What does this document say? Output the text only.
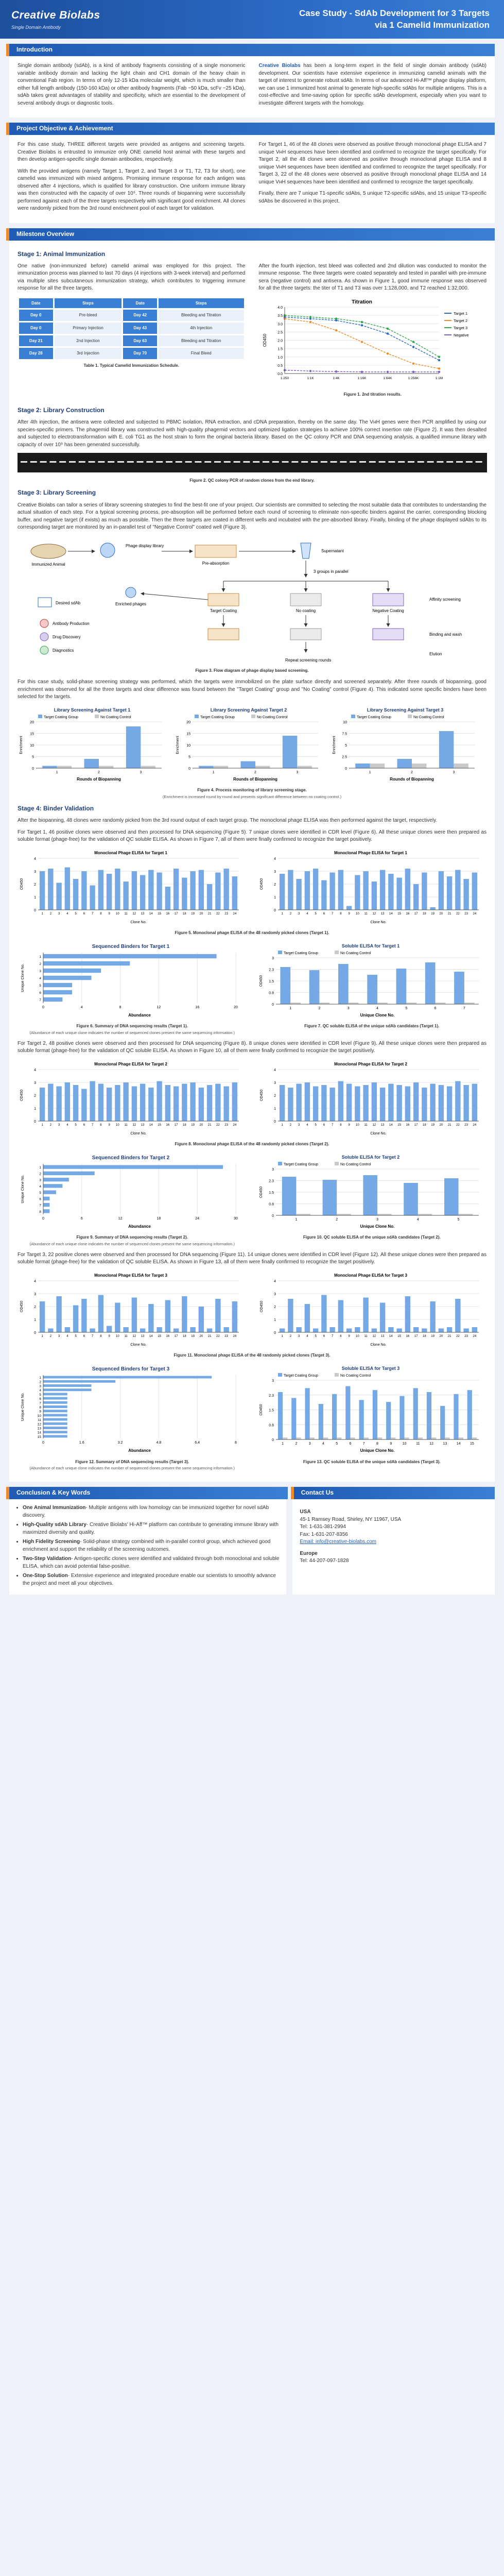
Creative Biolabs
Single Domain Antibody
Case Study - SdAb Development for 3 Targets
via 1 Camelid Immunization
Introduction

Single domain antibody (sdAb), is a kind of antibody fragments consisting of a single monomeric variable antibody domain and lacking the light chain and CH1 domain of the heavy chain in conventional Fab region. In terms of only 12-15 kDa molecular weight, which is much smaller than either full length antibody (150-160 kDa) or other antibody fragments (Fab ~50 kDa, scFv ~25 kDa), sdAb takes great advantages of stability and specificity, which are essential to the development of several antibody drugs or diagnostic tools.

Creative Biolabs has been a long-term expert in the field of single domain antibody (sdAb) development. Our scientists have extensive experience in immunizing camelid animals with the target of interest to generate robust sdAb. In terms of our advanced Hi-Aff™ phage display platform, we can use 1 immunized host animal to generate high-specific sdAbs for multiple antigens. This is a cost-effective and time-saving option for specific sdAb development, especially when you want to investigate different targets with the homology.

Project Objective & Achievement

For this case study, THREE different targets were provided as antigens and screening targets. Creative Biolabs is entrusted to immunize only ONE camelid host animal with these targets and then develop antigen-specific single domain antibodies, respectively.

With the provided antigens (namely Target 1, Target 2, and Target 3 or T1, T2, T3 for short), one camelid was immunized with mixed antigens. Promising immune response for each antigen was observed after 4 injections, which is qualified for library construction. One uniform immune library was then constructed with the capacity of over 10⁹. Three rounds of biopanning were successfully performed against each of the three targets respectively with significant good enrichment. All clones were randomly picked from the 3rd round enrichment pool of each target for validation.

For Target 1, 46 of the 48 clones were observed as positive through monoclonal phage ELISA and 7 unique VʜH sequences have been identified and confirmed to recognize the target specifically. For Target 2, all the 48 clones were observed as positive through monoclonal phage ELISA and 8 unique VʜH sequences have been identified and confirmed to recognize the target specifically. For Target 3, 22 of the 48 clones were observed as positive through monoclonal phage ELISA and 14 unique VʜH sequences have been identified and confirmed to recognize the target specifically.

Finally, there are 7 unique T1-specific sdAbs, 5 unique T2-specific sdAbs, and 15 unique T3-specific sdAbs be discovered in this project.

Milestone Overview
Stage 1: Animal Immunization

One native (non-immunized before) camelid animal was employed for this project. The immunization process was planned to last 70 days (4 injections with 3-week interval) and performed via multiple sites subcutaneous immunization strategy, which contributes to triggering immune response for all the three targets.

Date	Steps	Date	Steps
Day 0	Pre-bleed	Day 42	Bleeding and Titration
Day 0	Primary Injection	Day 43	4th Injection
Day 21	2nd Injection	Day 63	Bleeding and Titration
Day 28	3rd Injection	Day 70	Final Bleed
Table 1. Typical Camelid Immunization Schedule.

After the fourth injection, test bleed was collected and 2nd dilution was conducted to monitor the immune response. The three targets were coated separately and tested in parallel with pre-immune sera (negative control) and antisera. As shown in Figure 1, good immune response was observed for all the three targets: the titer of T1 and T3 was over 1:128,000, and T2 reached 1:32,000.

Titration
0.0
0.5
1.0
1.5
2.0
2.5
3.0
3.5
4.0
1:250	1:1K	1:4K	1:16K	1:64K	1:256K	1:1M
Target 1
Target 2
Target 3
Negative
OD450
Figure 1. 2nd titration results.
Stage 2: Library Construction

After 4th injection, the antisera were collected and subjected to PBMC isolation, RNA extraction, and cDNA preparation, thereby on the same day. The VʜH genes were then PCR amplified by using our species-specific primers. The phagemid library was constructed with high-quality phagemid vectors and optimized ligation strategies to achieve 100% correct insertion rate (Figure 2). It was then desalted and subjected to electrotransformation with E. coli TG1 as the host strain to form the original bacteria library. Based on the QC colony PCR and DNA sequencing analysis, a qualified immune library with capacity of over 10⁹ has been generated successfully.

Figure 2. QC colony PCR of random clones from the end library.
Stage 3: Library Screening

Creative Biolabs can tailor a series of library screening strategies to find the best-fit one of your project. Our scientists are committed to selecting the most suitable data that contributes to understanding the actual situation of each step. For a typical screening process, pre-absorption will be performed before each round of screening to eliminate non-specific binders against the carrier, corresponding blocking buffer, and negative target (if exists) as much as possible. Then the three targets are coated in different wells and incubated with the pre-absorbed library. Finally, binding of the phage displayed sdAbs to its corresponding target are monitored by an in-parallel test of "Negative Control" coated well (Figure 3).

Immunized Animal
Phage display library
Pre-absorption
Supernatant
3 groups in parallel
Target Coating	No coating	Negative Coating
Affinity screening
Binding and wash
Elution
Repeat screening rounds
Enriched phages
Desired sdAb
Antibody Production
Drug Discovery
Diagnostics
Figure 3. Flow diagram of phage display based screening.

For this case study, solid-phase screening strategy was performed, which the targets were immobilized on the plate surface directly and screened separately. After three rounds of biopanning, good enrichment was observed for all the three targets and clear difference was found between the "Target Coating" group and "No Coating" control (Figure 4). This indicated some specific binders have been selected for the targets.

Library Screening Against Target 1
Target Coating Group	No Coating Control
0
5
10
15
20
1	2	3
Rounds of Biopanning
Enrichment
Library Screening Against Target 2
Target Coating Group	No Coating Control
0
5
10
15
20
1	2	3
Rounds of Biopanning
Enrichment
Library Screening Against Target 3
Target Coating Group	No Coating Control
0
2.5
5
7.5
10
1	2	3
Rounds of Biopanning
Enrichment
Figure 4. Process monitoring of library screening stage.
(Enrichment is increased round by round and presents significant difference between no coating control.)
Stage 4: Binder Validation

After the biopanning, 48 clones were randomly picked from the 3rd round output of each target group. The monoclonal phage ELISA was then performed against the target, respectively.

For Target 1, 46 positive clones were observed and then processed for DNA sequencing (Figure 5). 7 unique clones were identified in CDR level (Figure 6). All these unique clones were then prepared as soluble format (phage-free) for the validation of QC soluble ELISA. As shown in Figure 7, all of them were finally confirmed to recognize the target positively.

Monoclonal Phage ELISA for Target 1
0
1
2
3
4
1 2 3 4 5 6 7 8 9 10 11 12 13 14 15 16 17 18 19 20 21 22 23 24
Clone No.
OD450
Monoclonal Phage ELISA for Target 1
0
1
2
3
4
1 2 3 4 5 6 7 8 9 10 11 12 13 14 15 16 17 18 19 20 21 22 23 24
Clone No.
OD450
Figure 5. Monoclonal phage ELISA of the 48 randomly picked clones (Target 1).
Sequenced Binders for Target 1
0	4	8	12	16	20
1
2
3
4
5
6
7
Abundance
Unique Clone No.
Figure 6. Summary of DNA sequencing results (Target 1).
(Abundance of each unique clone indicates the number of sequenced clones present the same sequencing information.)
Soluble ELISA for Target 1
Target Coating Group	No Coating Control
0
0.8
1.5
2.3
3
1	2	3	4	5	6	7
Unique Clone No.
OD450
Figure 7. QC soluble ELISA of the unique sdAb candidates (Target 1).

For Target 2, 48 positive clones were observed and then processed for DNA sequencing (Figure 8). 8 unique clones were identified in CDR level (Figure 9). All these unique clones were then prepared as soluble format (phage-free) for the validation of QC soluble ELISA. As shown in Figure 10, all of them were finally confirmed to recognize the target positively.

Monoclonal Phage ELISA for Target 2
0
1
2
3
4
1 2 3 4 5 6 7 8 9 10 11 12 13 14 15 16 17 18 19 20 21 22 23 24
Clone No.
OD450
Monoclonal Phage ELISA for Target 2
0
1
2
3
4
1 2 3 4 5 6 7 8 9 10 11 12 13 14 15 16 17 18 19 20 21 22 23 24
Clone No.
OD450
Figure 8. Monoclonal phage ELISA of the 48 randomly picked clones (Target 2).
Sequenced Binders for Target 2
0	6	12	18	24	30
1
2
3
4
5
6
7
8
Abundance
Unique Clone No.
Figure 9. Summary of DNA sequencing results (Target 2).
(Abundance of each unique clone indicates the number of sequenced clones present the same sequencing information.)
Soluble ELISA for Target 2
Target Coating Group	No Coating Control
0
0.8
1.5
2.3
3
1	2	3	4	5
Unique Clone No.
OD450
Figure 10. QC soluble ELISA of the unique sdAb candidates (Target 2).

For Target 3, 22 positive clones were observed and then processed for DNA sequencing (Figure 11). 14 unique clones were identified in CDR level (Figure 12). All these unique clones were then prepared as soluble format (phage-free) for the validation of QC soluble ELISA. As shown in Figure 13, all of them were finally confirmed to recognize the target positively.

Monoclonal Phage ELISA for Target 3
0
1
2
3
4
1 2 3 4 5 6 7 8 9 10 11 12 13 14 15 16 17 18 19 20 21 22 23 24
Clone No.
OD450
Monoclonal Phage ELISA for Target 3
0
1
2
3
4
1 2 3 4 5 6 7 8 9 10 11 12 13 14 15 16 17 18 19 20 21 22 23 24
Clone No.
OD450
Figure 11. Monoclonal phage ELISA of the 48 randomly picked clones (Target 3).
Sequenced Binders for Target 3
0	1.6	3.2	4.8	6.4	8
1
2
3
4
5
6
7
8
9
10
11
12
13
14
15
Abundance
Unique Clone No.
Figure 12. Summary of DNA sequencing results (Target 3).
(Abundance of each unique clone indicates the number of sequenced clones present the same sequencing information.)
Soluble ELISA for Target 3
Target Coating Group	No Coating Control
0
0.8
1.5
2.3
3
1	2	3	4	5	6	7	8	9	10	11	12	13	14	15
Unique Clone No.
OD450
Figure 13. QC soluble ELISA of the unique sdAb candidates (Target 3).
Conclusion & Key Words	Contact Us
• One Animal Immunization- Multiple antigens with low homology can be immunized together for novel sdAb discovery.
• High-Quality sdAb Library- Creative Biolabs' Hi-Aff™ platform can contribute to generating immune library with maximized diversity and quality.
• High Fidelity Screening- Solid-phase strategy combined with in-parallel control group, which achieved good enrichment and support the reliability of the screening outcomes.
• Two-Step Validation- Antigen-specific clones were identified and validated through both monoclonal and soluble ELISA, which can avoid potential false-positive.
• One-Stop Solution- Extensive experience and integrated procedure enable our scientists to smoothly advance the project and meet all your objectives.
USA
45-1 Ramsey Road, Shirley, NY 11967, USA
Tel: 1-631-381-2994
Fax: 1-631-207-8356
Email: info@creative-biolabs.com
Europe
Tel: 44-207-097-1828
